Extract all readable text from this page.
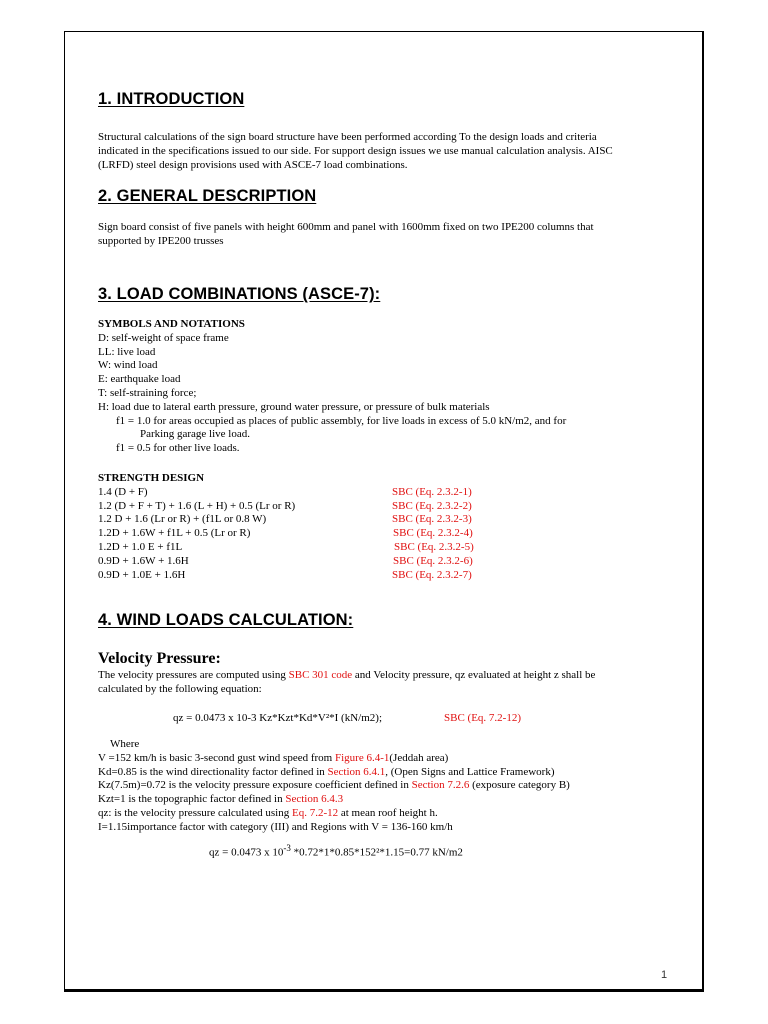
1. INTRODUCTION
Structural calculations of the sign board structure have been performed according To the design loads and criteria
indicated in the specifications issued to our side. For support design issues we use manual calculation analysis. AISC
(LRFD) steel design provisions used with ASCE-7 load combinations.
2. GENERAL DESCRIPTION
Sign board consist of five panels with height 600mm and panel with 1600mm fixed on two IPE200 columns that
supported by IPE200 trusses
3. LOAD COMBINATIONS (ASCE-7):
SYMBOLS AND NOTATIONS
D: self-weight of space frame
LL: live load
W: wind load
E: earthquake load
T: self-straining force;
H: load due to lateral earth pressure, ground water pressure, or pressure of bulk materials
f1 = 1.0 for areas occupied as places of public assembly, for live loads in excess of 5.0 kN/m2, and for
Parking garage live load.
f1 = 0.5 for other live loads.
STRENGTH DESIGN
1.4 (D + F)	SBC (Eq. 2.3.2-1)
1.2 (D + F + T) + 1.6 (L + H) + 0.5 (Lr or R)	SBC (Eq. 2.3.2-2)
1.2 D + 1.6 (Lr or R) + (f1L or 0.8 W)	SBC (Eq. 2.3.2-3)
1.2D + 1.6W + f1L + 0.5 (Lr or R)	SBC (Eq. 2.3.2-4)
1.2D + 1.0 E + f1L	SBC (Eq. 2.3.2-5)
0.9D + 1.6W + 1.6H	SBC (Eq. 2.3.2-6)
0.9D + 1.0E + 1.6H	SBC (Eq. 2.3.2-7)
4. WIND LOADS CALCULATION:
Velocity Pressure:
The velocity pressures are computed using SBC 301 code and Velocity pressure, qz evaluated at height z shall be
calculated by the following equation:
qz = 0.0473 x 10-3 Kz*Kzt*Kd*V²*I (kN/m2);	SBC (Eq. 7.2-12)
Where
V =152 km/h is basic 3-second gust wind speed from Figure 6.4-1(Jeddah area)
Kd=0.85 is the wind directionality factor defined in Section 6.4.1, (Open Signs and Lattice Framework)
Kz(7.5m)=0.72 is the velocity pressure exposure coefficient defined in Section 7.2.6 (exposure category B)
Kzt=1 is the topographic factor defined in Section 6.4.3
qz: is the velocity pressure calculated using Eq. 7.2-12 at mean roof height h.
I=1.15importance factor with category (III) and Regions with V = 136-160 km/h
qz = 0.0473 x $10^{-3}$ *0.72*1*0.85*152²*1.15=0.77 kN/m2
1
